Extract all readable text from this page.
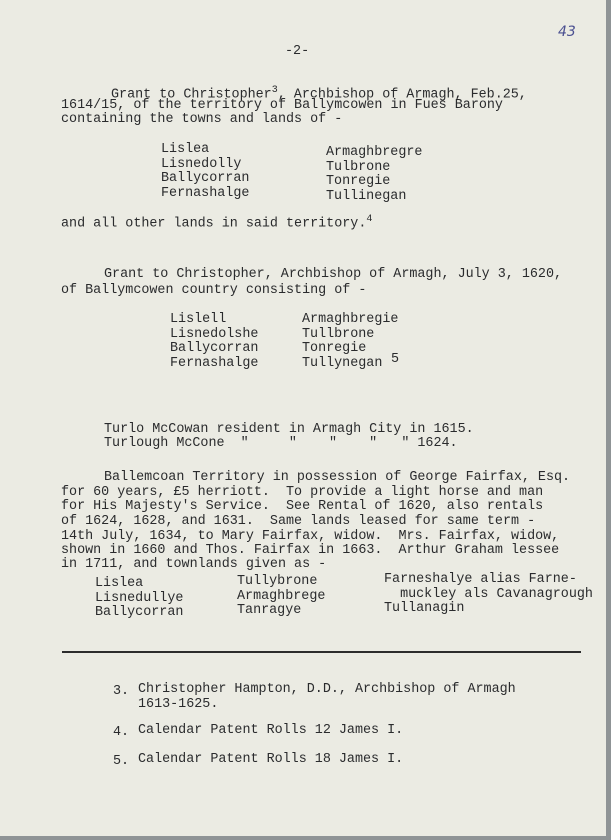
43
-2-
Grant to Christopher$^3$, Archbishop of Armagh, Feb.25,
1614/15, of the territory of Ballymcowen in Fues Barony
containing the towns and lands of -
Lislea
Lisnedolly
Ballycorran
Fernashalge
Armaghbregre
Tulbrone
Tonregie
Tullinegan
and all other lands in said territory.$^4$
Grant to Christopher, Archbishop of Armagh, July 3, 1620,
of Ballymcowen country consisting of -
Lislell
Lisnedolshe
Ballycorran
Fernashalge
Armaghbregie
Tullbrone
Tonregie
Tullynegan 5
Turlo McCowan resident in Armagh City in 1615.
Turlough McCone  "     "    "    "   " 1624.
Ballemcoan Territory in possession of George Fairfax, Esq.
for 60 years, £5 herriott.  To provide a light horse and man
for His Majesty's Service.  See Rental of 1620, also rentals
of 1624, 1628, and 1631.  Same lands leased for same term -
14th July, 1634, to Mary Fairfax, widow.  Mrs. Fairfax, widow,
shown in 1660 and Thos. Fairfax in 1663.  Arthur Graham lessee
in 1711, and townlands given as -
Lislea
Lisnedullye
Ballycorran
Tullybrone
Armaghbrege
Tanragye
Farneshalye alias Farne-
muckley als Cavanagrough
Tullanagin
3. Christopher Hampton, D.D., Archbishop of Armagh
1613-1625.
4. Calendar Patent Rolls 12 James I.
5. Calendar Patent Rolls 18 James I.
